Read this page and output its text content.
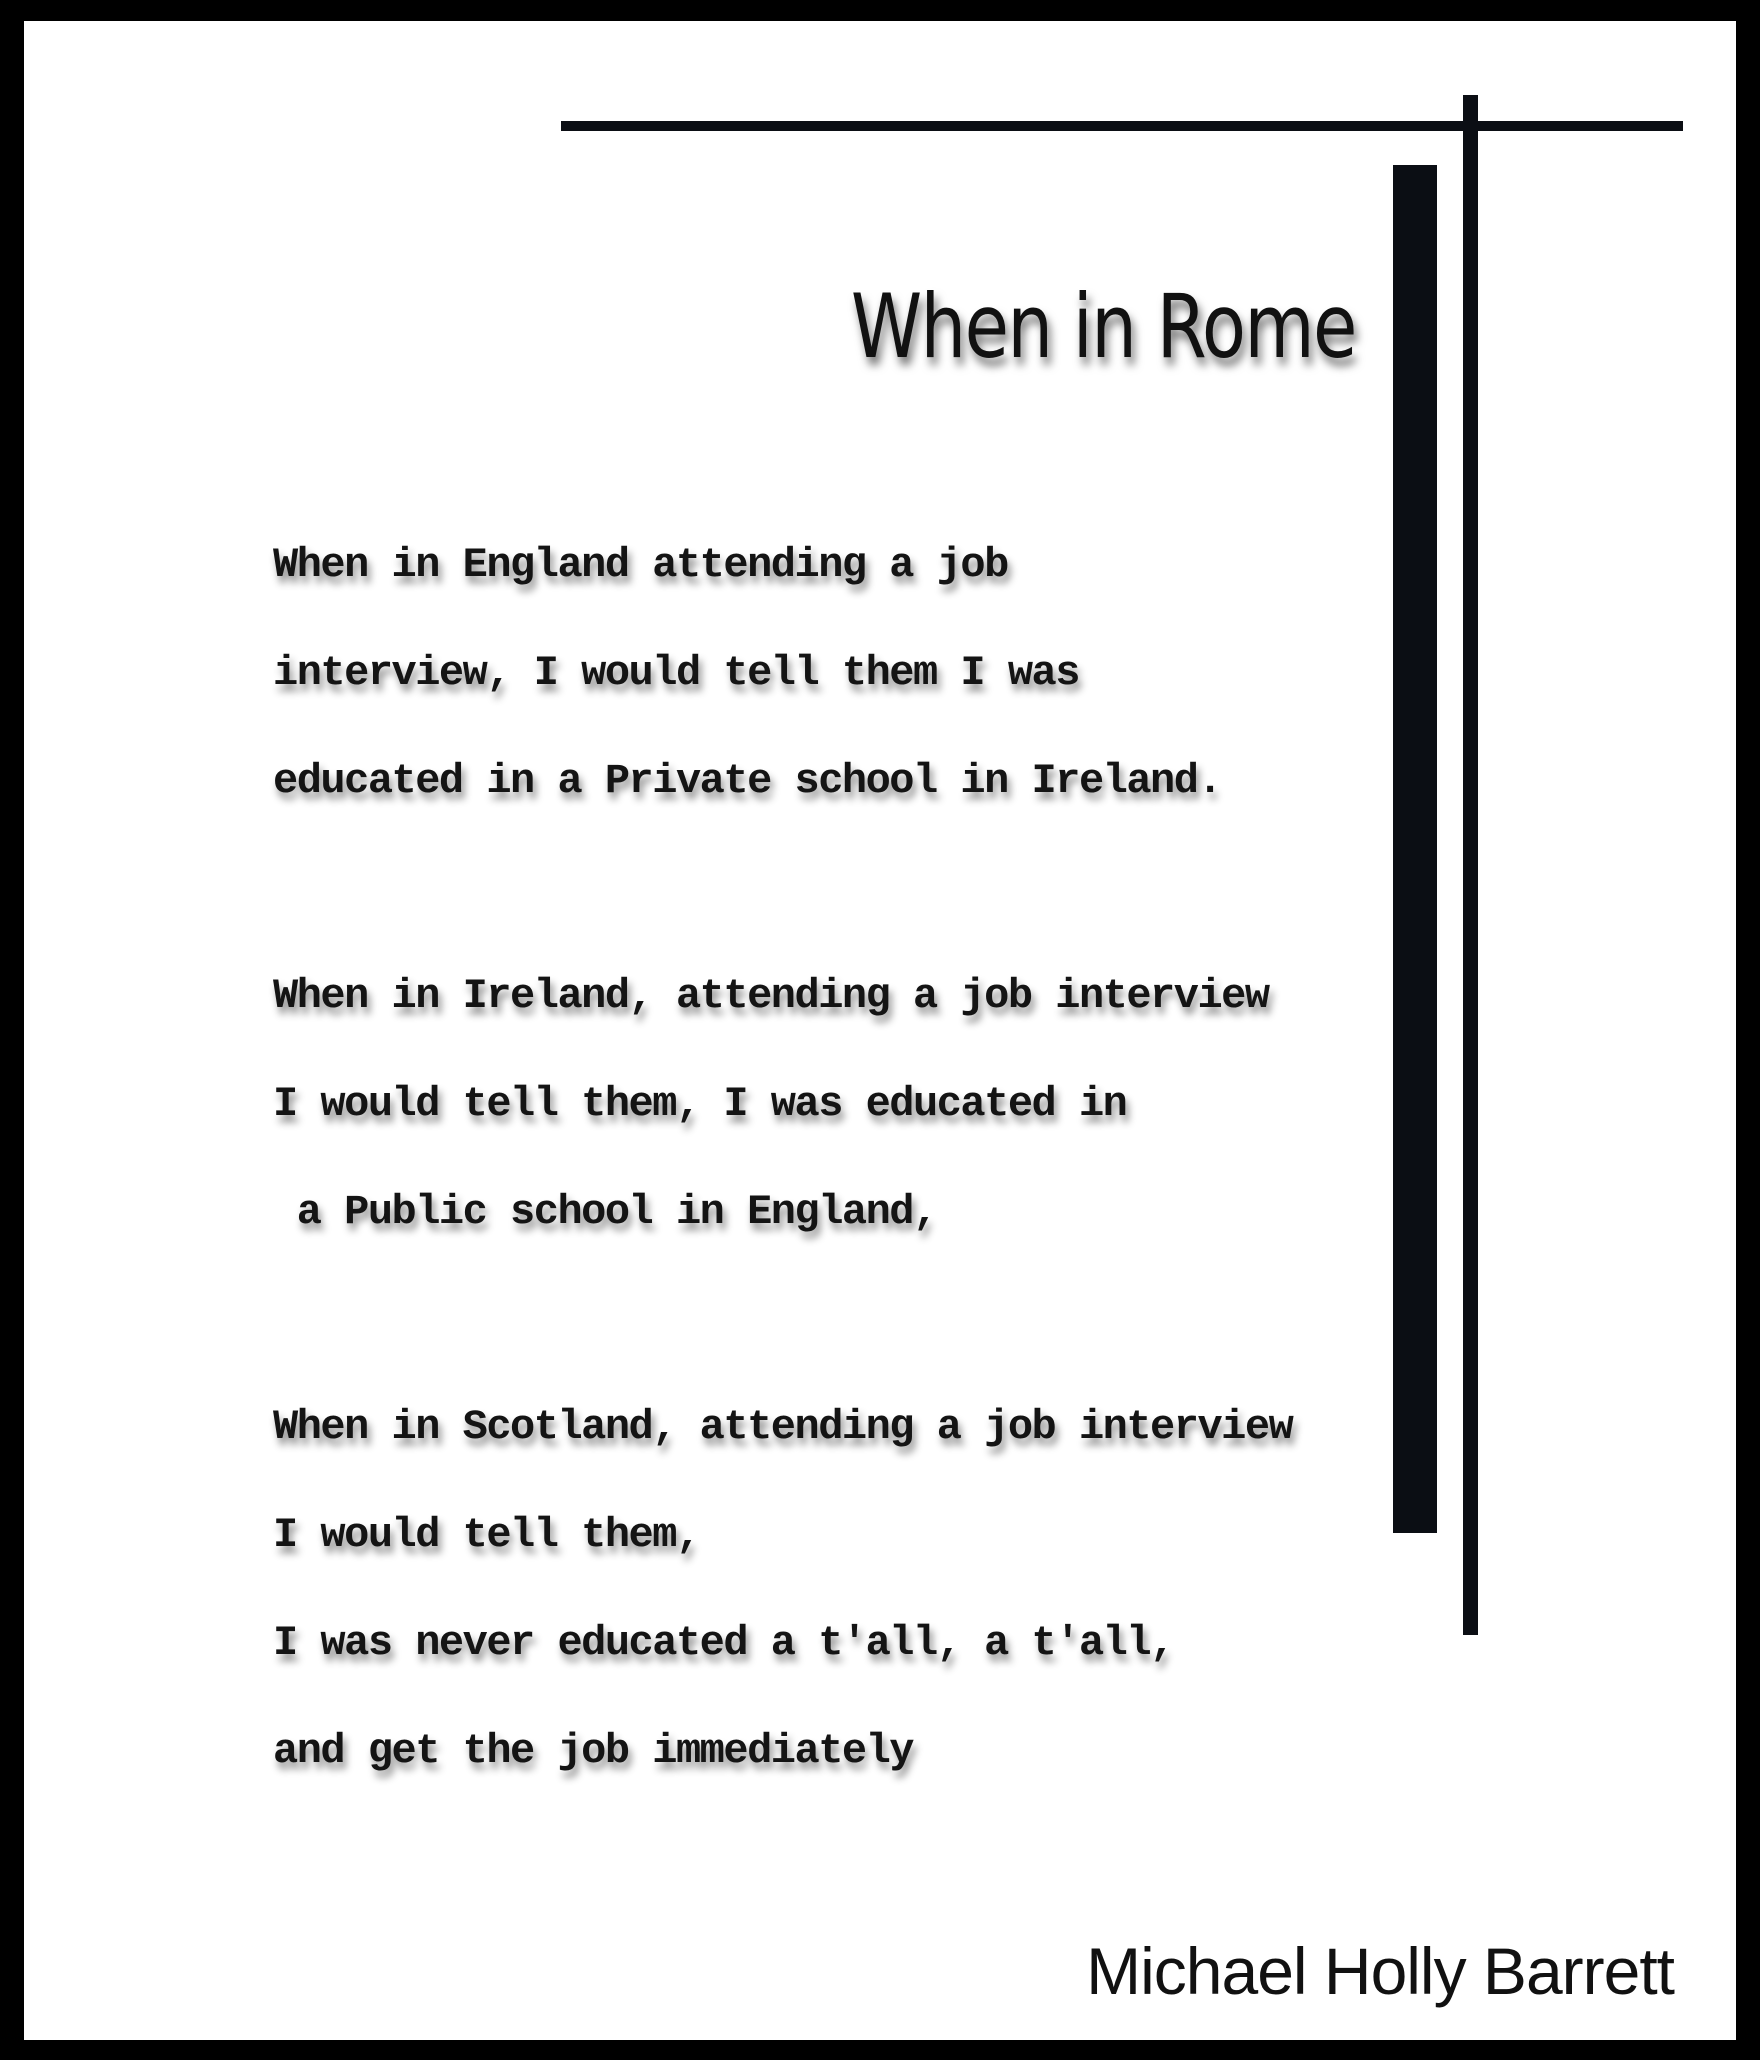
When in Rome
When in England attending a job
interview, I would tell them I was
educated in a Private school in Ireland.
When in Ireland, attending a job interview
I would tell them, I was educated in
a Public school in England,
When in Scotland, attending a job interview
I would tell them,
I was never educated a t'all, a t'all,
and get the job immediately

Michael Holly Barrett
